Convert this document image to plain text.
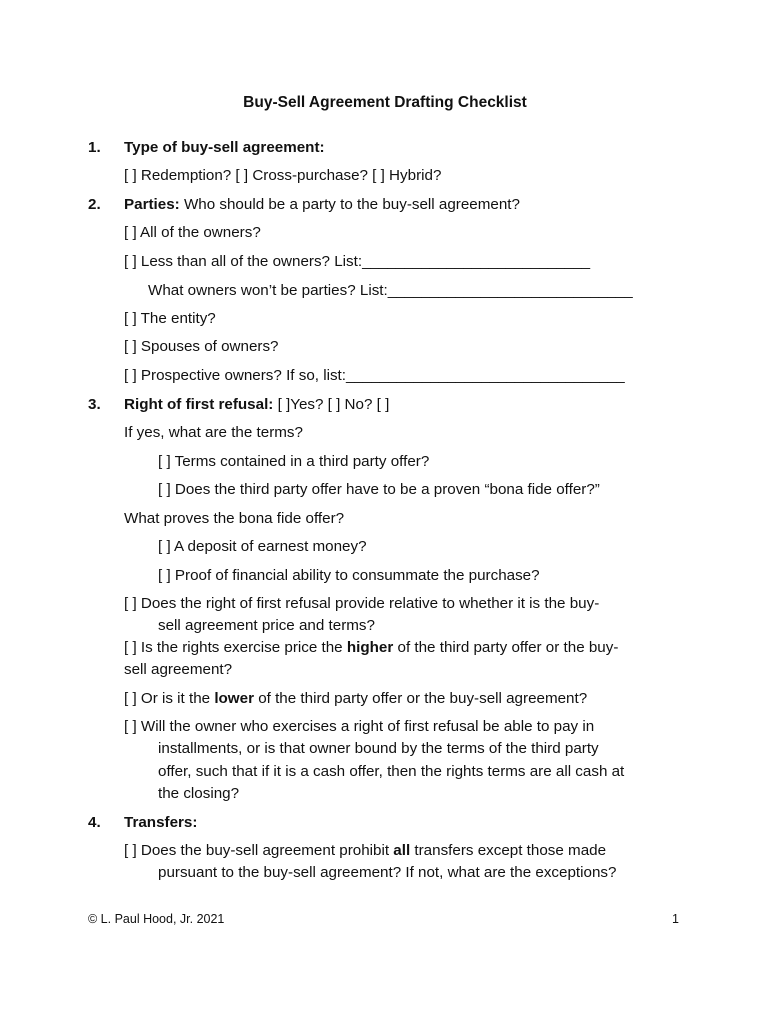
Buy-Sell Agreement Drafting Checklist
1. Type of buy-sell agreement:
[ ] Redemption? [ ] Cross-purchase? [ ] Hybrid?
2. Parties: Who should be a party to the buy-sell agreement?
[ ] All of the owners?
[ ] Less than all of the owners? List:___________________________
What owners won’t be parties? List:_____________________________
[ ] The entity?
[ ] Spouses of owners?
[ ] Prospective owners? If so, list:_________________________________
3. Right of first refusal: [ ]Yes? [ ] No? [ ]
If yes, what are the terms?
[ ] Terms contained in a third party offer?
[ ] Does the third party offer have to be a proven “bona fide offer?”
What proves the bona fide offer?
[ ] A deposit of earnest money?
[ ] Proof of financial ability to consummate the purchase?
[ ] Does the right of first refusal provide relative to whether it is the buy-
sell agreement price and terms?
[ ] Is the rights exercise price the higher of the third party offer or the buy-
sell agreement?
[ ] Or is it the lower of the third party offer or the buy-sell agreement?
[ ] Will the owner who exercises a right of first refusal be able to pay in
installments, or is that owner bound by the terms of the third party
offer, such that if it is a cash offer, then the rights terms are all cash at
the closing?
4. Transfers:
[ ] Does the buy-sell agreement prohibit all transfers except those made
pursuant to the buy-sell agreement? If not, what are the exceptions?
© L. Paul Hood, Jr. 2021	1
